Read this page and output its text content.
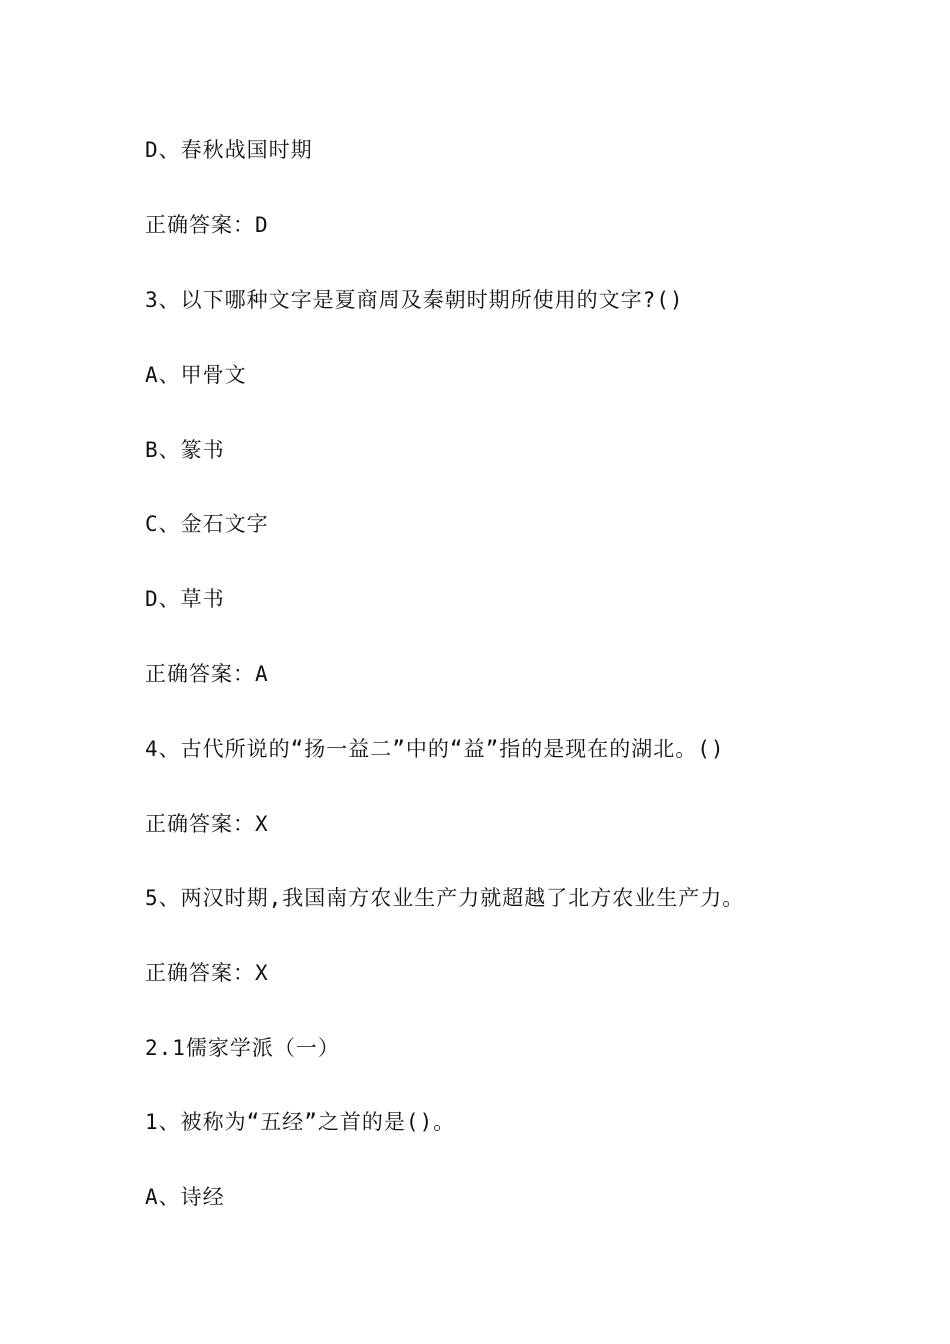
D、春秋战国时期
正确答案：D
3、以下哪种文字是夏商周及秦朝时期所使用的文字?()
A、甲骨文
B、篆书
C、金石文字
D、草书
正确答案：A
4、古代所说的“扬一益二”中的“益”指的是现在的湖北。()
正确答案：X
5、两汉时期,我国南方农业生产力就超越了北方农业生产力。
正确答案：X
2.1儒家学派（一）
1、被称为“五经”之首的是()。
A、诗经
